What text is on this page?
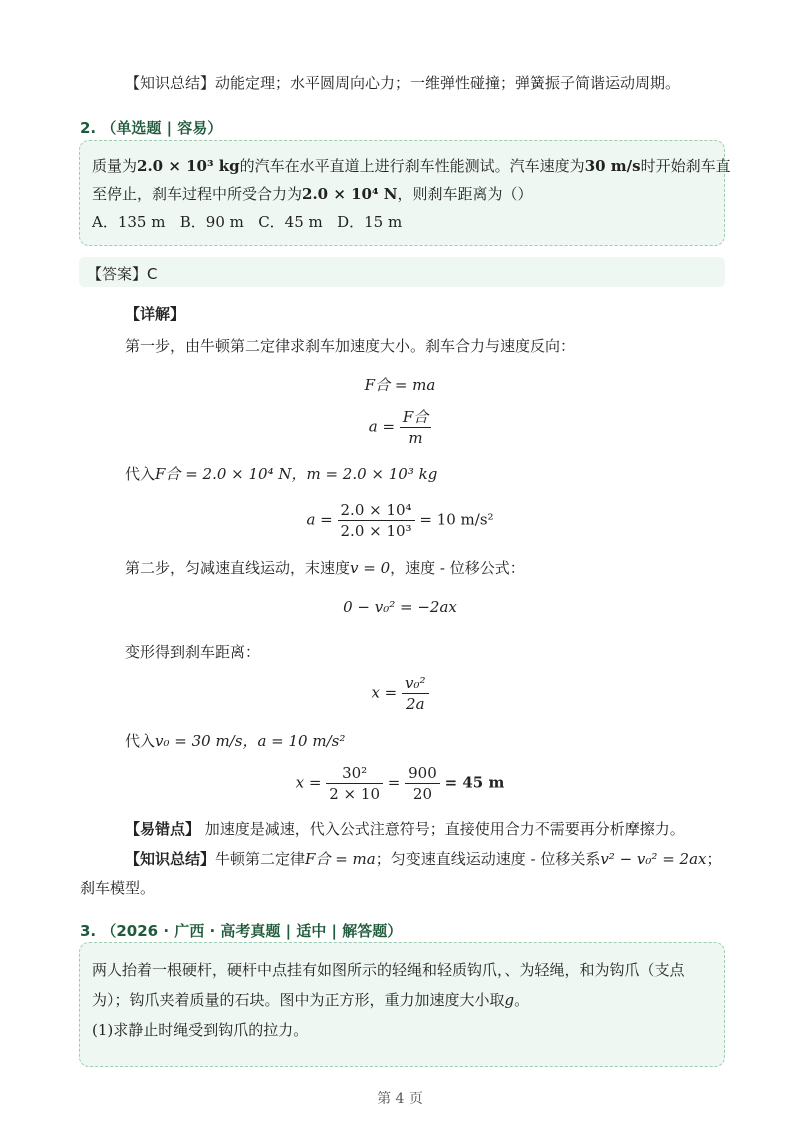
【知识总结】动能定理；水平圆周向心力；一维弹性碰撞；弹簧振子简谐运动周期。
2. （单选题 | 容易）
质量为2.0 × 10³ kg的汽车在水平直道上进行刹车性能测试。汽车速度为30 m/s时开始刹车直
至停止，刹车过程中所受合力为2.0 × 10⁴ N，则刹车距离为（）
A．135 m B．90 m C．45 m D．15 m
【答案】C
【详解】
第一步，由牛顿第二定律求刹车加速度大小。刹车合力与速度反向：
F合 = ma
$a = \frac{\text{F合}}{m}$
代入F合 = 2.0 × 10⁴ N，m = 2.0 × 10³ kg
$a = \frac{\text{2.0 × 10⁴}}{\text{2.0 × 10³}} = 10$ m/s²
第二步，匀减速直线运动，末速度v = 0，速度 - 位移公式：
0 − v₀² = −2ax
变形得到刹车距离：
$x = \frac{\text{v₀²}}{2a}$
代入v₀ = 30 m/s，a = 10 m/s²
$x = \frac{\text{30²}}{2 \times 10} = \frac{900}{20} = 45$ m
【易错点】 加速度是减速，代入公式注意符号；直接使用合力不需要再分析摩擦力。
【知识总结】牛顿第二定律F合 = ma；匀变速直线运动速度 - 位移关系v² − v₀² = 2ax；
刹车模型。
3. （2026 · 广西 · 高考真题 | 适中 | 解答题）
两人抬着一根硬杆，硬杆中点挂有如图所示的轻绳和轻质钩爪，、为轻绳，和为钩爪（支点
为）；钩爪夹着质量的石块。图中为正方形，重力加速度大小取g。
(1)求静止时绳受到钩爪的拉力。
第 4 页
